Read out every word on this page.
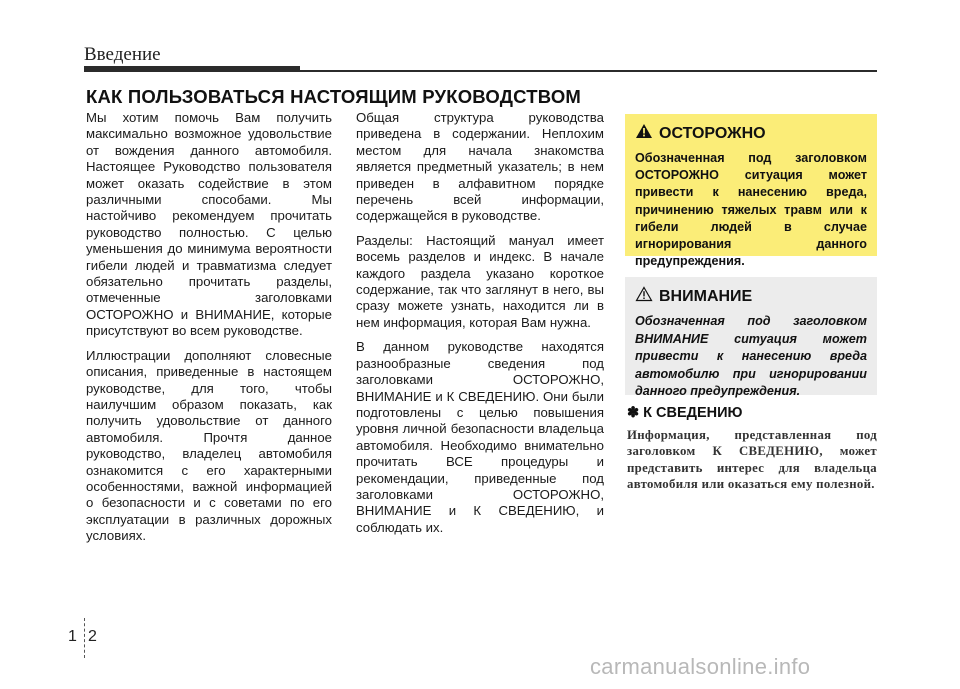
Введение
КАК ПОЛЬЗОВАТЬСЯ НАСТОЯЩИМ РУКОВОДСТВОМ

Мы хотим помочь Вам получить максимально возможное удовольствие от вождения данного автомобиля. Настоящее Руководство пользователя может оказать содействие в этом различными способами. Мы настойчиво рекомендуем прочитать руководство полностью. С целью уменьшения до минимума вероятности гибели людей и травматизма следует обязательно прочитать разделы, отмеченные заголовками ОСТОРОЖНО и ВНИМАНИЕ, которые присутствуют во всем руководстве.

Иллюстрации дополняют словесные описания, приведенные в настоящем руководстве, для того, чтобы наилучшим образом показать, как получить удовольствие от данного автомобиля. Прочтя данное руководство, владелец автомобиля ознакомится с его характерными особенностями, важной информацией о безопасности и с советами по его эксплуатации в различных дорожных условиях.

Общая структура руководства приведена в содержании. Неплохим местом для начала знакомства является предметный указатель; в нем приведен в алфавитном порядке перечень всей информации, содержащейся в руководстве.

Разделы: Настоящий мануал имеет восемь разделов и индекс. В начале каждого раздела указано короткое содержание, так что заглянут в него, вы сразу можете узнать, находится ли в нем информация, которая Вам нужна.

В данном руководстве находятся разнообразные сведения под заголовками ОСТОРОЖНО, ВНИМАНИЕ и К СВЕДЕНИЮ. Они были подготовлены с целью повышения уровня личной безопасности владельца автомобиля. Необходимо внимательно прочитать ВСЕ процедуры и рекомендации, приведенные под заголовками ОСТОРОЖНО, ВНИМАНИЕ и К СВЕДЕНИЮ, и соблюдать их.

ОСТОРОЖНО
Обозначенная под заголовком ОСТОРОЖНО ситуация может привести к нанесению вреда, причинению тяжелых травм или к гибели людей в случае игнорирования данного предупреждения.
ВНИМАНИЕ
Обозначенная под заголовком ВНИМАНИЕ ситуация может привести к нанесению вреда автомобилю при игнорировании данного предупреждения.
✽ К СВЕДЕНИЮ

Информация, представленная под заголовком К СВЕДЕНИЮ, может представить интерес для владельца автомобиля или оказаться ему полезной.

1 2
carmanualsonline.info
